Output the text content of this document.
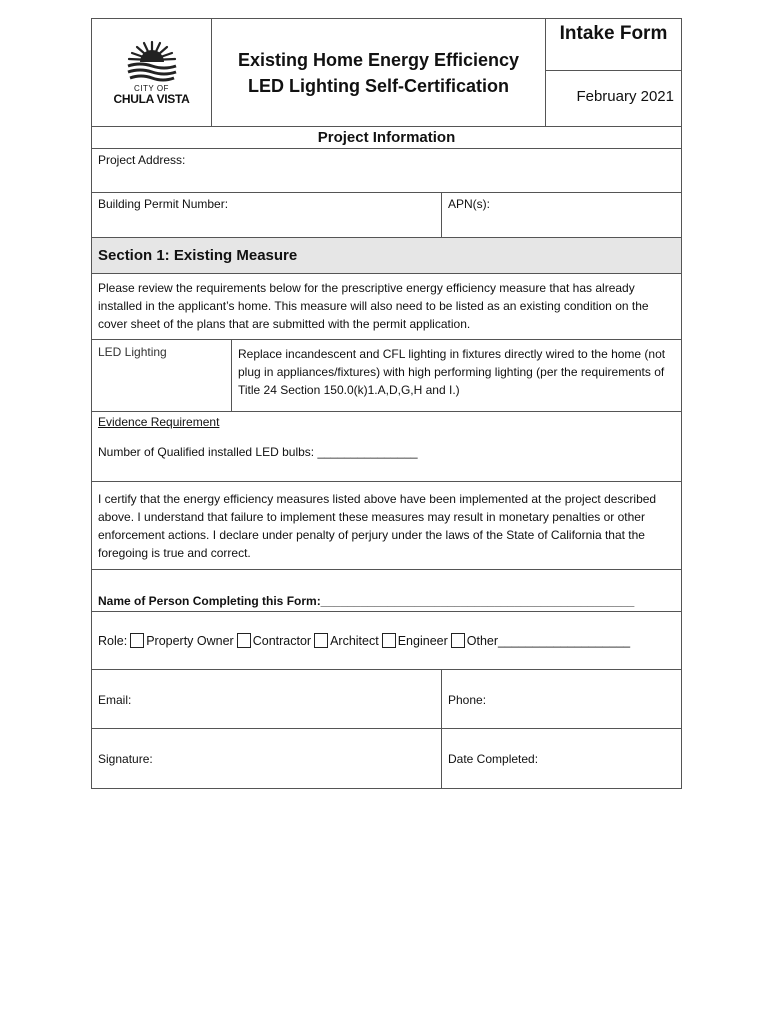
CITY OF
CHULA VISTA
Existing Home Energy Efficiency
LED Lighting Self-Certification
Intake Form
February 2021
Project Information
Project Address:
Building Permit Number:	APN(s):
Section 1: Existing Measure
Please review the requirements below for the prescriptive energy efficiency measure that has already installed in the applicant’s home. This measure will also need to be listed as an existing condition on the cover sheet of the plans that are submitted with the permit application.
LED Lighting	Replace incandescent and CFL lighting in fixtures directly wired to the home (not plug in appliances/fixtures) with high performing lighting (per the requirements of Title 24 Section 150.0(k)1.A,D,G,H and I.)
Evidence Requirement
Number of Qualified installed LED bulbs: _______________
I certify that the energy efficiency measures listed above have been implemented at the project described above. I understand that failure to implement these measures may result in monetary penalties or other enforcement actions. I declare under penalty of perjury under the laws of the State of California that the foregoing is true and correct.
Name of Person Completing this Form:_______________________________________________
Role: Property Owner Contractor Architect Engineer Other___________________
Email:	Phone:
Signature:	Date Completed:
